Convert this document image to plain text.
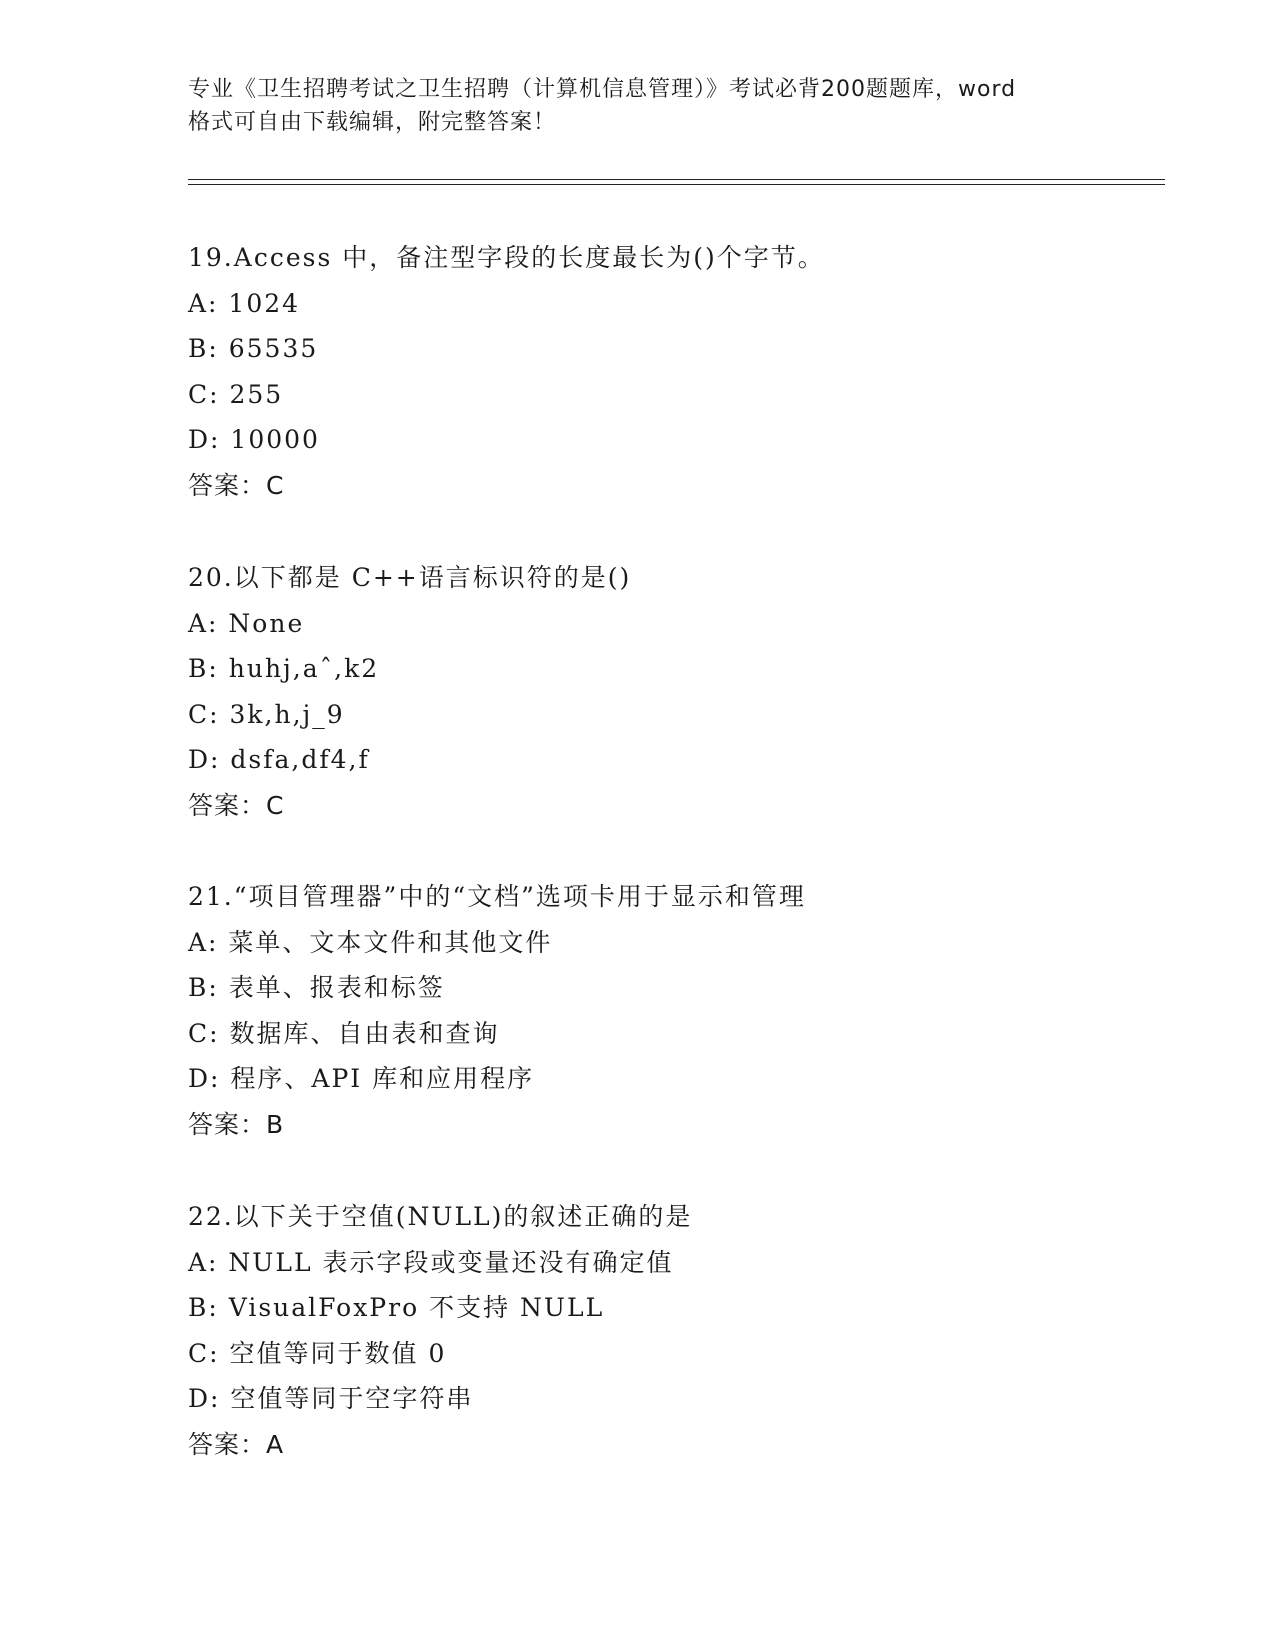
专业《卫生招聘考试之卫生招聘（计算机信息管理）》考试必背200题题库，word
格式可自由下载编辑，附完整答案！
19.Access 中，备注型字段的长度最长为()个字节。
A: 1024
B: 65535
C: 255
D: 10000
答案：C
20.以下都是 C++语言标识符的是()
A: None
B: huhj,aˆ,k2
C: 3k,h,j_9
D: dsfa,df4,f
答案：C
21.“项目管理器”中的“文档”选项卡用于显示和管理
A: 菜单、文本文件和其他文件
B: 表单、报表和标签
C: 数据库、自由表和查询
D: 程序、API 库和应用程序
答案：B
22.以下关于空值(NULL)的叙述正确的是
A: NULL 表示字段或变量还没有确定值
B: VisualFoxPro 不支持 NULL
C: 空值等同于数值 0
D: 空值等同于空字符串
答案：A
